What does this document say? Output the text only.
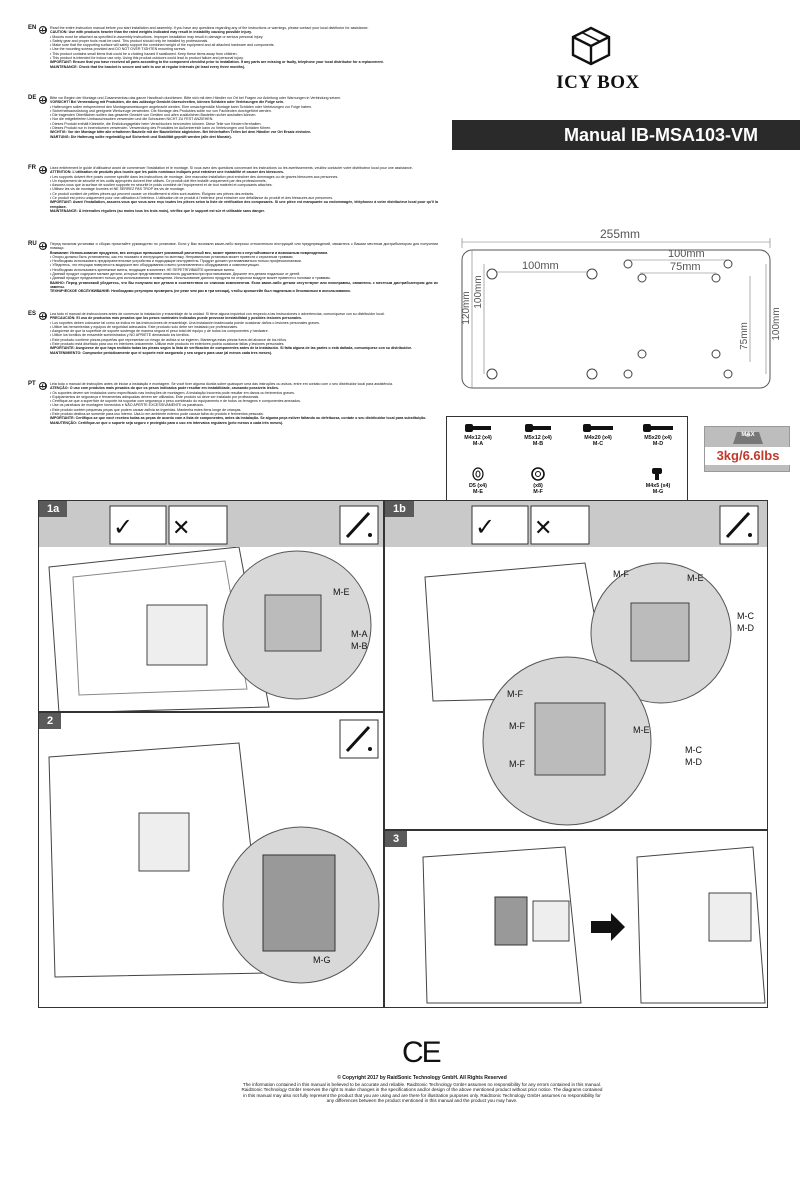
EN	Read the entire instruction manual before you start installation and assembly. If you have any questions regarding any of the instructions or warnings, please contact your local distributor for assistance.

CAUTION: Use with products heavier than the rated weights indicated may result in instability causing possible injury.

• Mounts must be attached as specified in assembly instructions. Improper installation may result in damage or serious personal injury.

• Safety gear and proper tools must be used. This product should only be installed by professionals.

• Make sure that the supporting surface will safely support the combined weight of the equipment and all attached hardware and components.

• Use the mounting screws provided and DO NOT OVER TIGHTEN mounting screws.

• This product contains small items that could be a choking hazard if swallowed. Keep these items away from children.

• This product is intended for indoor use only. Using this product outdoors could lead to product failure and personal injury.

IMPORTANT: Ensure that you have received all parts according to the component checklist prior to installation. If any parts are missing or faulty, telephone your local distributor for a replacement.

MAINTENANCE: Check that the bracket is secure and safe to use at regular intervals (at least every three months).

DE	Bitte vor Beginn der Montage und Zusammenbau das ganze Handbuch durchlesen. Bitte sich mit dem Händler vor Ort bei Fragen zur Anleitung oder Warnungen in Verbindung setzen.

VORSICHT! Bei Verwendung mit Produkten, die das zulässige Gewicht überschreiten, können Schäden oder Verletzungen die Folge sein.

• Halterungen sollen entsprechend den Montageanweisungen angebracht werden. Eine unsachgemäße Montage kann Schäden oder Verletzungen zur Folge haben.

• Sicherheitsausrüstung und geeignete Werkzeuge verwenden. Die Montage des Produktes sollte nur von Fachleuten durchgeführt werden.

• Die tragenden Oberflächen sollten das gesamte Gewicht von Geräten und allen zusätzlichen Bauteilen sicher aushalten können.

• Nur die mitgelieferten Umbauschrauben verwenden und die Schrauben NICHT ZU FEST ANZIEHEN.

• Dieses Produkt enthält Kleinteile, die Erstickungsgefahr beim Verschlucken hervorrufen können. Diese Teile von Kindern fernhalten.

• Dieses Produkt nur in Innenräumen verwenden. Verwendung des Produktes im Außenbereich kann zu Verletzungen und Schäden führen.

WICHTIG: Vor der Montage bitte alle erhaltenen Bauteile mit der Bauteileliste abgleichen. Bei fehlerhaften Teilen bei dem Händler vor Ort Ersatz einholen.

WARTUNG: Die Halterung sollte regelmäßig auf Sicherheit und Stabilität geprüft werden (alle drei Monate).

FR	Lisez entièrement le guide d'utilisateur avant de commencer l'installation et le montage. Si vous avez des questions concernant les instructions ou les avertissements, veuillez contacter votre distributeur local pour une assistance.

ATTENTION: L'utilisation de produits plus lourds que les poids nominaux indiqués peut entraîner une instabilité et causer des blessures.

• Les supports doivent être posés comme spécifié dans les instructions de montage. Une mauvaise installation peut entraîner des dommages ou de graves blessures aux personnes.

• Un équipement de sécurité et les outils appropriés doivent être utilisés. Ce produit doit être installé uniquement par des professionnels.

• Assurez-vous que la surface de soutien supporte en sécurité le poids combiné de l'équipement et de tout matériel et composants attachés.

• Utilisez les vis de montage fournies et NE SERREZ PAS TROP les vis de montage.

• Ce produit contient de petites pièces qui peuvent causer un étouffement si elles sont avalées. Éloignez ces pièces des enfants.

• Ce produit est prévu uniquement pour une utilisation à l'intérieur. L'utilisation de ce produit à l'extérieur peut entraîner une défaillance du produit et des blessures aux personnes.

IMPORTANT: Avant l'installation, assurez-vous que vous avez reçu toutes les pièces selon la liste de vérification des composants. Si une pièce est manquante ou endommagée, téléphonez à votre distributeur local pour qu'il la remplace.

MAINTENANCE: À intervalles réguliers (au moins tous les trois mois), vérifiez que le support est sûr et utilisable sans danger.

RU	Перед началом установки и сборки прочитайте руководство по установке. Если у Вас возникли какие-либо вопросы относительно инструкций или предупреждений, свяжитесь с Вашим местным дистрибьютором для получения помощи.

Внимание: Использование продуктов, вес которых превышает указанный расчетный вес, может привести к неустойчивости и возможным повреждениям.

• Опоры должны быть установлены, как это показано в инструкциях по монтажу. Неправильная установка может привести к серьезным травмам.

• Необходимо использовать предохранительные устройства и подходящие инструменты. Продукт должен устанавливаться только профессионалами.

• Убедитесь, что несущая поверхность выдержит вес оборудования и всего установленного оборудования и комплектующих.

• Необходимо использовать крепежные винты, входящие в комплект. НЕ ПЕРЕТЯГИВАЙТЕ крепежные винты.

• Данный продукт содержит мелкие детали, которые представляют опасность удушения при проглатывании. Держите эти детали подальше от детей.

• Данный продукт предназначен только для использования в помещении. Использование данного продукта на открытом воздухе может привести к поломке и травмам.

ВАЖНО: Перед установкой убедитесь, что Вы получили все детали в соответствии со списком компонентов. Если какие-либо детали отсутствуют или неисправны, свяжитесь с местным дистрибьютором для их замены.

ТЕХНИЧЕСКОЕ ОБСЛУЖИВАНИЕ: Необходимо регулярно проверять (не реже чем раз в три месяца), чтобы кронштейн был надежным и безопасным в использовании.

ES	Lea todo el manual de instrucciones antes de comenzar la instalación y ensamblaje de la unidad. Si tiene alguna inquietud con respecto a las instrucciones o advertencias, comuníquese con su distribuidor local.

PRECAUCIÓN: El uso de productos más pesados que los pesos nominales indicados puede provocar inestabilidad y posibles lesiones personales.

• Los soportes deben colocarse tal como se indica en las instrucciones de ensamblaje. Una instalación inadecuada puede ocasionar daños o lesiones personales graves.

• Utilice las herramientas y equipos de seguridad adecuados. Este producto solo debe ser instalado por profesionales.

• Asegúrese de que la superficie de soporte sostenga de manera segura el peso total del equipo y de todos los componentes y hardware.

• Utilice los tornillos de ensamble suministrados y NO APRIETE demasiado los tornillos.

• Este producto contiene piezas pequeñas que representan un riesgo de asfixia si se ingieren. Mantenga estas piezas fuera del alcance de los niños.

• Este producto está diseñado para uso en interiores únicamente. Utilizar este producto en exteriores podría ocasionar fallas y lesiones personales.

IMPORTANTE: Asegúrese de que haya recibido todas las piezas según la lista de verificación de componentes antes de la instalación. Si falta alguna de las partes o está dañada, comuníquese con su distribuidor.

MANTENIMIENTO: Compruebe periódicamente que el soporte esté asegurado y sea seguro para usar (al menos cada tres meses).

PT	Leia todo o manual de instruções antes de iniciar a instalação e montagem. Se você tiver alguma dúvida sobre quaisquer uma das instruções ou avisos, entre em contato com o seu distribuidor local para assistência.

ATENÇÃO: O uso com produtos mais pesados do que os pesos indicados pode resultar em instabilidade, causando possíveis lesões.

• Os suportes devem ser instalados como especificado nas instruções de montagem. A instalação incorreta pode resultar em danos ou ferimentos graves.

• Equipamentos de segurança e ferramentas adequadas devem ser utilizados. Este produto só deve ser instalado por profissionais.

• Certifique-se que a superfície de suporte irá suportar com segurança o peso combinado do equipamento e de todos os ferragens e componentes anexados.

• Use os parafusos de montagem fornecidos e NÃO APERTE EXCESSIVAMENTE os parafusos.

• Este produto contém pequenas peças que podem causar asfixia se ingeridas. Mantenha estes itens longe de crianças.

• Este produto destina-se somente para uso interno. Usá-lo em ambiente externo pode causar falha do produto e ferimentos pessoais.

IMPORTANTE: Certifique-se que você recebeu todas as peças de acordo com a lista de componentes, antes da instalação. Se alguma peça estiver faltando ou defeituosa, contate o seu distribuidor local para substituição.

MANUTENÇÃO: Certifique-se que o suporte seja seguro e protegido para o uso em intervalos regulares (pelo menos a cada três meses).

ICY BOX
Manual IB-MSA103-VM
255mm
100mm
100mm
75mm
120mm 100mm
75mm 100mm
M4x12 (x4)
M-A
M5x12 (x4)
M-B
M4x20 (x4)
M-C
M5x20 (x4)
M-D
D5 (x4)
M-E
(x8)
M-F
M4x5 (x4)
M-G
MAX
3kg/6.6lbs
1a
✓ ✕
M-E
M-A
M-B
1b
✓ ✕
M-F	M-E
M-C
M-D
M-F
M-F	M-E
M-C
M-D
M-F
2
M-G
3
CE
© Copyright 2017 by RaidSonic Technology GmbH. All Rights Reserved
The information contained in this manual is believed to be accurate and reliable. RaidSonic Technology GmbH assumes no responsibility for any errors contained in this manual. RaidSonic Technology GmbH reserves the right to make changes in the specifications and/or design of the above mentioned product without prior notice. The diagrams contained in this manual may also not fully represent the product that you are using and are there for illustration purposes only. RaidSonic Technology GmbH assumes no responsibility for any differences between the product mentioned in this manual and the product you may have.
